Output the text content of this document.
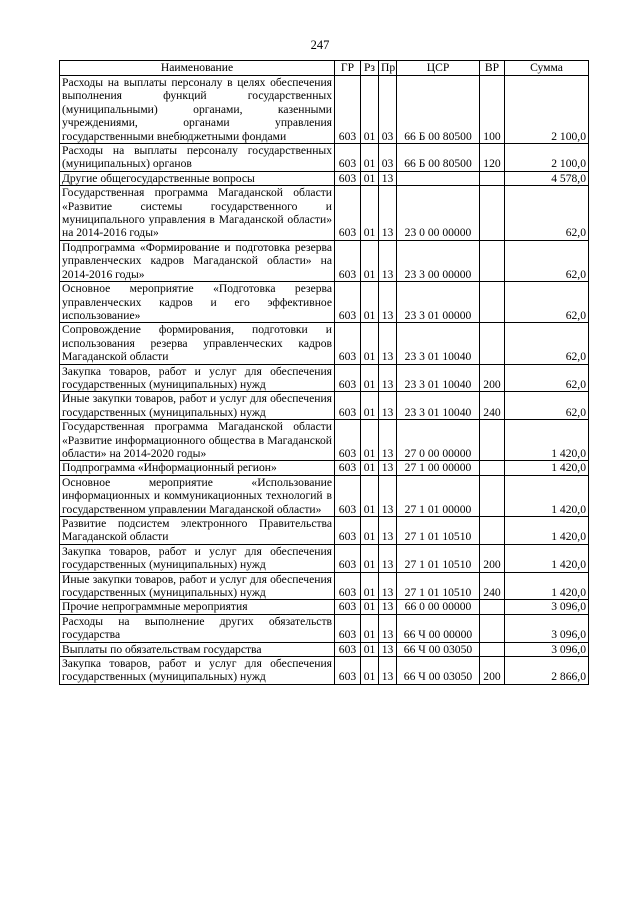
247
Наименование	ГР	Рз	Пр	ЦСР	ВР	Сумма
Расходы на выплаты персоналу в целях обеспечения выполнения функций государственных (муниципальными) органами, казенными учреждениями, органами управления государственными внебюджетными фондами	603	01	03	66 Б 00 80500	100	2 100,0
Расходы на выплаты персоналу государственных (муниципальных) органов	603	01	03	66 Б 00 80500	120	2 100,0
Другие общегосударственные вопросы	603	01	13			4 578,0
Государственная программа Магаданской области «Развитие системы государственного и муниципального управления в Магаданской области» на 2014-2016 годы»	603	01	13	23 0 00 00000		62,0
Подпрограмма «Формирование и подготовка резерва управленческих кадров Магаданской области» на 2014-2016 годы»	603	01	13	23 3 00 00000		62,0
Основное мероприятие «Подготовка резерва управленческих кадров и его эффективное использование»	603	01	13	23 3 01 00000		62,0
Сопровождение формирования, подготовки и использования резерва управленческих кадров Магаданской области	603	01	13	23 3 01 10040		62,0
Закупка товаров, работ и услуг для обеспечения государственных (муниципальных) нужд	603	01	13	23 3 01 10040	200	62,0
Иные закупки товаров, работ и услуг для обеспечения государственных (муниципальных) нужд	603	01	13	23 3 01 10040	240	62,0
Государственная программа Магаданской области «Развитие информационного общества в Магаданской области» на 2014-2020 годы»	603	01	13	27 0 00 00000		1 420,0
Подпрограмма «Информационный регион»	603	01	13	27 1 00 00000		1 420,0
Основное мероприятие «Использование информационных и коммуникационных технологий в государственном управлении Магаданской области»	603	01	13	27 1 01 00000		1 420,0
Развитие подсистем электронного Правительства Магаданской области	603	01	13	27 1 01 10510		1 420,0
Закупка товаров, работ и услуг для обеспечения государственных (муниципальных) нужд	603	01	13	27 1 01 10510	200	1 420,0
Иные закупки товаров, работ и услуг для обеспечения государственных (муниципальных) нужд	603	01	13	27 1 01 10510	240	1 420,0
Прочие непрограммные мероприятия	603	01	13	66 0 00 00000		3 096,0
Расходы на выполнение других обязательств государства	603	01	13	66 Ч 00 00000		3 096,0
Выплаты по обязательствам государства	603	01	13	66 Ч 00 03050		3 096,0
Закупка товаров, работ и услуг для обеспечения государственных (муниципальных) нужд	603	01	13	66 Ч 00 03050	200	2 866,0
